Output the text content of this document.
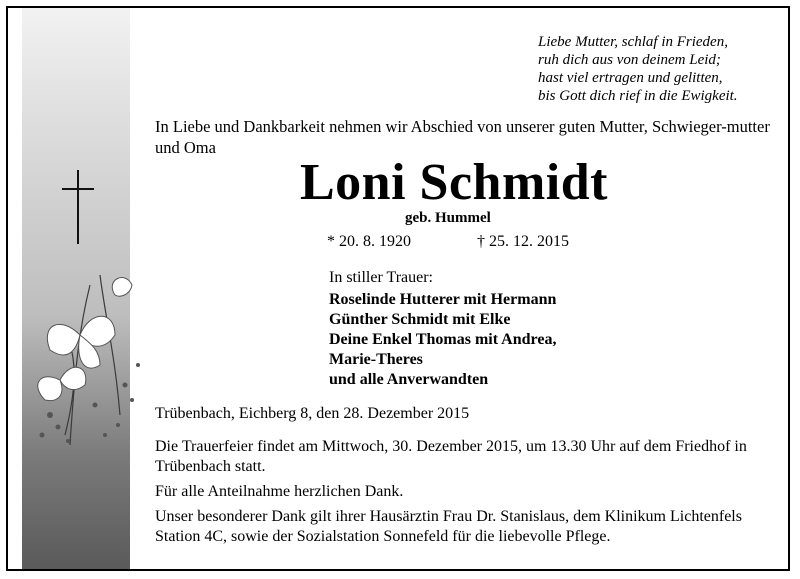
Liebe Mutter, schlaf in Frieden,
ruh dich aus von deinem Leid;
hast viel ertragen und gelitten,
bis Gott dich rief in die Ewigkeit.
In Liebe und Dankbarkeit nehmen wir Abschied von unserer guten Mutter, Schwieger-mutter und Oma
Loni Schmidt
geb. Hummel
* 20. 8. 1920	† 25. 12. 2015
In stiller Trauer:
Roselinde Hutterer mit Hermann
Günther Schmidt mit Elke
Deine Enkel Thomas mit Andrea,
Marie-Theres
und alle Anverwandten
Trübenbach, Eichberg 8, den 28. Dezember 2015
Die Trauerfeier findet am Mittwoch, 30. Dezember 2015, um 13.30 Uhr auf dem Friedhof in Trübenbach statt.
Für alle Anteilnahme herzlichen Dank.
Unser besonderer Dank gilt ihrer Hausärztin Frau Dr. Stanislaus, dem Klinikum Lichtenfels Station 4C, sowie der Sozialstation Sonnefeld für die liebevolle Pflege.
